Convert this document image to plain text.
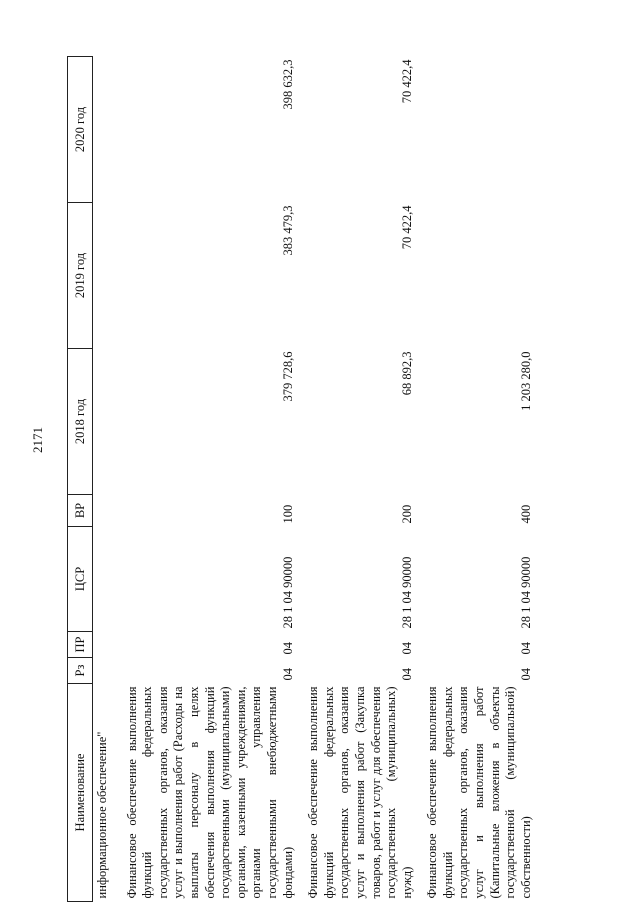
2171
Наименование	Рз	ПР	ЦСР	ВР	2018 год	2019 год	2020 год
информационное обеспечение"							
Финансовое обеспечение выполнения функций федеральных государственных органов, оказания услуг и выполнения работ (Расходы на выплаты персоналу в целях обеспечения выполнения функций государственными (муниципальными) органами, казенными учреждениями, органами управления государственными внебюджетными фондами)	04	04	28 1 04 90000	100	379 728,6	383 479,3	398 632,3
Финансовое обеспечение выполнения функций федеральных государственных органов, оказания услуг и выполнения работ (Закупка товаров, работ и услуг для обеспечения государственных (муниципальных) нужд)	04	04	28 1 04 90000	200	68 892,3	70 422,4	70 422,4
Финансовое обеспечение выполнения функций федеральных государственных органов, оказания услуг и выполнения работ (Капитальные вложения в объекты государственной (муниципальной) собственности)	04	04	28 1 04 90000	400	1 203 280,0		
